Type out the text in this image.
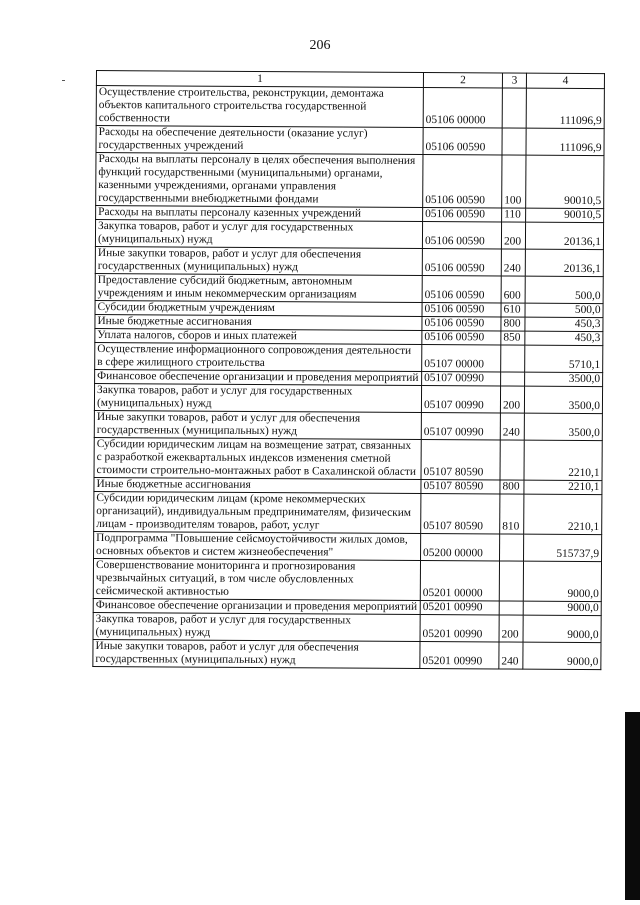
206
1	2	3	4
Осуществление строительства, реконструкции, демонтажа объектов капитального строительства государственной собственности	05106 00000		111096,9
Расходы на обеспечение деятельности (оказание услуг) государственных учреждений	05106 00590		111096,9
Расходы на выплаты персоналу в целях обеспечения выполнения функций государственными (муниципальными) органами, казенными учреждениями, органами управления государственными внебюджетными фондами	05106 00590	100	90010,5
Расходы на выплаты персоналу казенных учреждений	05106 00590	110	90010,5
Закупка товаров, работ и услуг для государственных (муниципальных) нужд	05106 00590	200	20136,1
Иные закупки товаров, работ и услуг для обеспечения государственных (муниципальных) нужд	05106 00590	240	20136,1
Предоставление субсидий бюджетным, автономным учреждениям и иным некоммерческим организациям	05106 00590	600	500,0
Субсидии бюджетным учреждениям	05106 00590	610	500,0
Иные бюджетные ассигнования	05106 00590	800	450,3
Уплата налогов, сборов и иных платежей	05106 00590	850	450,3
Осуществление информационного сопровождения деятельности в сфере жилищного строительства	05107 00000		5710,1
Финансовое обеспечение организации и проведения мероприятий	05107 00990		3500,0
Закупка товаров, работ и услуг для государственных (муниципальных) нужд	05107 00990	200	3500,0
Иные закупки товаров, работ и услуг для обеспечения государственных (муниципальных) нужд	05107 00990	240	3500,0
Субсидии юридическим лицам на возмещение затрат, связанных с разработкой ежеквартальных индексов изменения сметной стоимости строительно-монтажных работ в Сахалинской области	05107 80590		2210,1
Иные бюджетные ассигнования	05107 80590	800	2210,1
Субсидии юридическим лицам (кроме некоммерческих организаций), индивидуальным предпринимателям, физическим лицам - производителям товаров, работ, услуг	05107 80590	810	2210,1
Подпрограмма "Повышение сейсмоустойчивости жилых домов, основных объектов и систем жизнеобеспечения"	05200 00000		515737,9
Совершенствование мониторинга и прогнозирования чрезвычайных ситуаций, в том числе обусловленных сейсмической активностью	05201 00000		9000,0
Финансовое обеспечение организации и проведения мероприятий	05201 00990		9000,0
Закупка товаров, работ и услуг для государственных (муниципальных) нужд	05201 00990	200	9000,0
Иные закупки товаров, работ и услуг для обеспечения государственных (муниципальных) нужд	05201 00990	240	9000,0
